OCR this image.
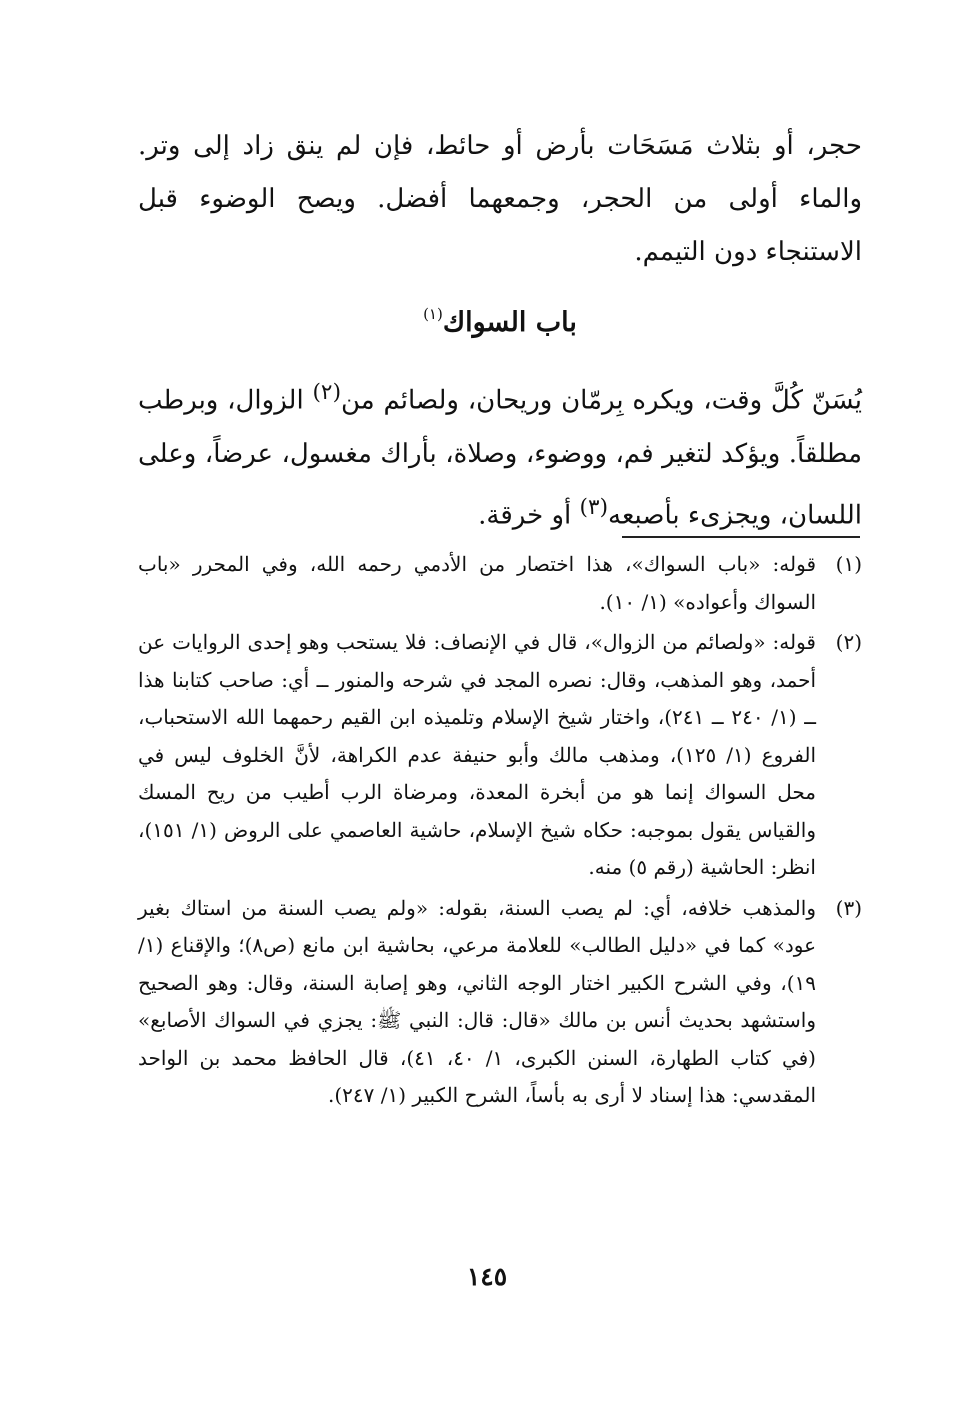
حجر، أو بثلاث مَسَحَات بأرض أو حائط، فإن لم ينق زاد إلى وتر. والماء أولى من الحجر، وجمعهما أفضل. ويصح الوضوء قبل الاستنجاء دون التيمم.

باب السواك$^{(١)}$

يُسَنّ كُلَّ وقت، ويكره بِرمّان وريحان، ولصائم من$^{(٢)}$ الزوال، وبرطب مطلقاً. ويؤكد لتغير فم، ووضوء، وصلاة، بأراك مغسول، عرضاً، وعلى اللسان، ويجزىء بأصبعه$^{(٣)}$ أو خرقة.

(١)
قوله: «باب السواك»، هذا اختصار من الأدمي رحمه الله، وفي المحرر «باب السواك وأعواده» (١/ ١٠).
(٢)
قوله: «ولصائم من الزوال»، قال في الإنصاف: فلا يستحب وهو إحدى الروايات عن أحمد، وهو المذهب، وقال: نصره المجد في شرحه والمنور ــ أي: صاحب كتابنا هذا ــ (١/ ٢٤٠ ــ ٢٤١)، واختار شيخ الإسلام وتلميذه ابن القيم رحمهما الله الاستحباب، الفروع (١/ ١٢٥)، ومذهب مالك وأبو حنيفة عدم الكراهة، لأنَّ الخلوف ليس في محل السواك إنما هو من أبخرة المعدة، ومرضاة الرب أطيب من ريح المسك والقياس يقول بموجبه: حكاه شيخ الإسلام، حاشية العاصمي على الروض (١/ ١٥١)، انظر: الحاشية (رقم ٥) منه.
(٣)
والمذهب خلافه، أي: لم يصب السنة، بقوله: «ولم يصب السنة من استاك بغير عود» كما في «دليل الطالب» للعلامة مرعي، بحاشية ابن مانع (ص٨)؛ والإقناع (١/ ١٩)، وفي الشرح الكبير اختار الوجه الثاني، وهو إصابة السنة، وقال: وهو الصحيح واستشهد بحديث أنس بن مالك «قال: قال: النبي ﷺ: يجزي في السواك الأصابع» (في كتاب الطهارة، السنن الكبرى، ١/ ٤٠، ٤١)، قال الحافظ محمد بن الواحد المقدسي: هذا إسناد لا أرى به بأساً، الشرح الكبير (١/ ٢٤٧).
١٤٥
